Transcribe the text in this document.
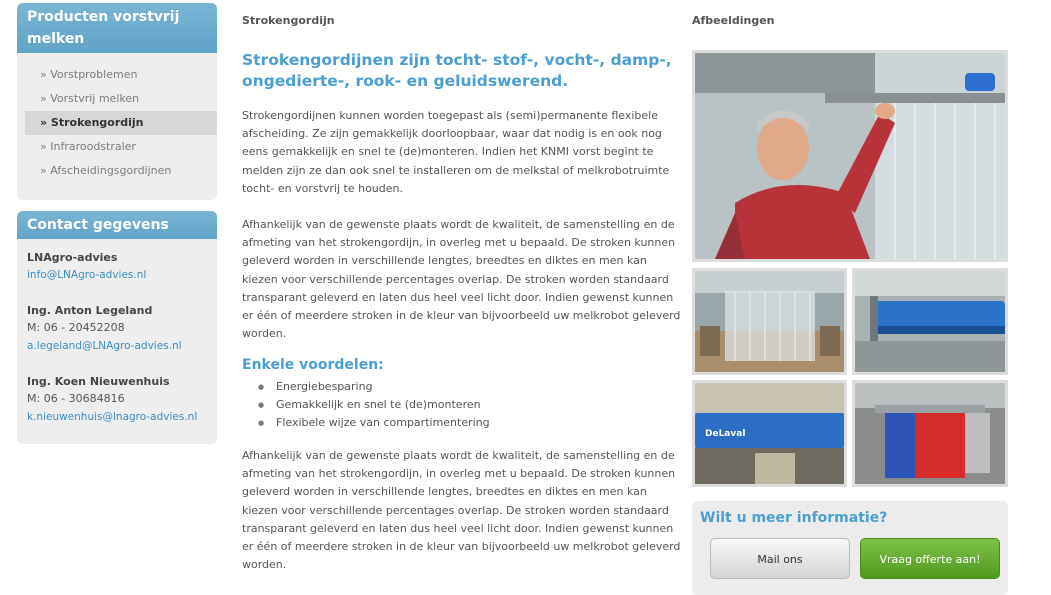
Producten vorstvrij melken
» Vorstproblemen
» Vorstvrij melken
» Strokengordijn
» Infraroodstraler
» Afscheidingsgordijnen
Contact gegevens
LNAgro-advies
info@LNAgro-advies.nl
Ing. Anton Legeland
M: 06 - 20452208
a.legeland@LNAgro-advies.nl
Ing. Koen Nieuwenhuis
M: 06 - 30684816
k.nieuwenhuis@lnagro-advies.nl
Strokengordijn
Strokengordijnen zijn tocht- stof-, vocht-, damp-, ongedierte-, rook- en geluidswerend.

Strokengordijnen kunnen worden toegepast als (semi)permanente flexibele afscheiding. Ze zijn gemakkelijk doorloopbaar, waar dat nodig is en ook nog eens gemakkelijk en snel te (de)monteren. Indien het KNMI vorst begint te melden zijn ze dan ook snel te installeren om de melkstal of melkrobotruimte tocht- en vorstvrij te houden.

Afhankelijk van de gewenste plaats wordt de kwaliteit, de samenstelling en de afmeting van het strokengordijn, in overleg met u bepaald. De stroken kunnen geleverd worden in verschillende lengtes, breedtes en diktes en men kan kiezen voor verschillende percentages overlap. De stroken worden standaard transparant geleverd en laten dus heel veel licht door. Indien gewenst kunnen er één of meerdere stroken in de kleur van bijvoorbeeld uw melkrobot geleverd worden.

Enkele voordelen:
● Energiebesparing
● Gemakkelijk en snel te (de)monteren
● Flexibele wijze van compartimentering

Afhankelijk van de gewenste plaats wordt de kwaliteit, de samenstelling en de afmeting van het strokengordijn, in overleg met u bepaald. De stroken kunnen geleverd worden in verschillende lengtes, breedtes en diktes en men kan kiezen voor verschillende percentages overlap. De stroken worden standaard transparant geleverd en laten dus heel veel licht door. Indien gewenst kunnen er één of meerdere stroken in de kleur van bijvoorbeeld uw melkrobot geleverd worden.

Afbeeldingen
DeLaval
Wilt u meer informatie?
Mail ons	Vraag offerte aan!
